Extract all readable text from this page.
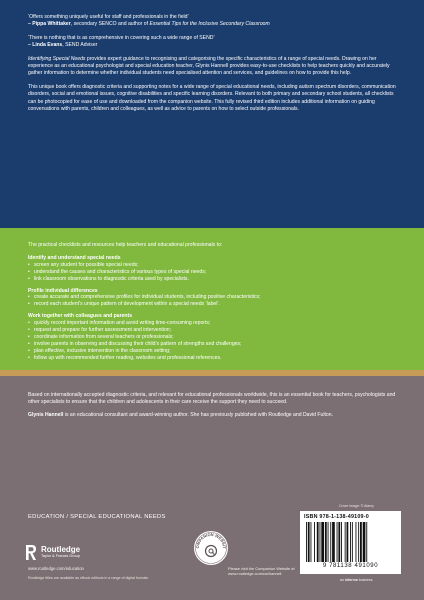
‘Offers something uniquely useful for staff and professionals in the field’

– Pippa Whittaker, secondary SENCO and author of Essential Tips for the Inclusive Secondary Classroom

‘There is nothing that is as comprehensive in covering such a wide range of SEND’

– Linda Evans, SEND Adviser

Identifying Special Needs provides expert guidance to recognising and categorising the specific characteristics of a range of special needs. Drawing on her experience as an educational psychologist and special education teacher, Glynis Hannell provides easy-to-use checklists to help teachers quickly and accurately gather information to determine whether individual students need specialised attention and services, and guidelines on how to provide this help.

This unique book offers diagnostic criteria and supporting notes for a wide range of special educational needs, including autism spectrum disorders, communication disorders, social and emotional issues, cognitive disabilities and specific learning disorders. Relevant to both primary and secondary school students, all checklists can be photocopied for ease of use and downloaded from the companion website. This fully revised third edition includes additional information on guiding conversations with parents, children and colleagues, as well as advice to parents on how to select outside professionals.

The practical checklists and resources help teachers and educational professionals to:

Identify and understand special needs

• screen any student for possible special needs;
• understand the causes and characteristics of various types of special needs;
• link classroom observations to diagnostic criteria used by specialists.

Profile individual differences

• create accurate and comprehensive profiles for individual students, including positive characteristics;
• record each student’s unique pattern of development within a special needs ‘label’.

Work together with colleagues and parents

• quickly record important information and avoid writing time-consuming reports;
• request and prepare for further assessment and intervention;
• coordinate information from several teachers or professionals;
• involve parents in observing and discussing their child’s pattern of strengths and challenges;
• plan effective, inclusive intervention in the classroom setting;
• follow up with recommended further reading, websites and professional references.

Based on internationally accepted diagnostic criteria, and relevant for educational professionals worldwide, this is an essential book for teachers, psychologists and other specialists to ensure that the children and adolescents in their care receive the support they need to succeed.

Glynis Hannell is an educational consultant and award-winning author. She has previously published with Routledge and David Fulton.

EDUCATION / SPECIAL EDUCATIONAL NEEDS
Routledge
Taylor & Francis Group
www.routledge.com/education
Routledge titles are available as eBook editions in a range of digital formats
OMPANION WEBSIT
Please visit the Companion Website at
www.routledge.com/cw/hannell
Cover image: © Alamy
ISBN 978-1-138-49109-0
9 781138 491090
an informa business
